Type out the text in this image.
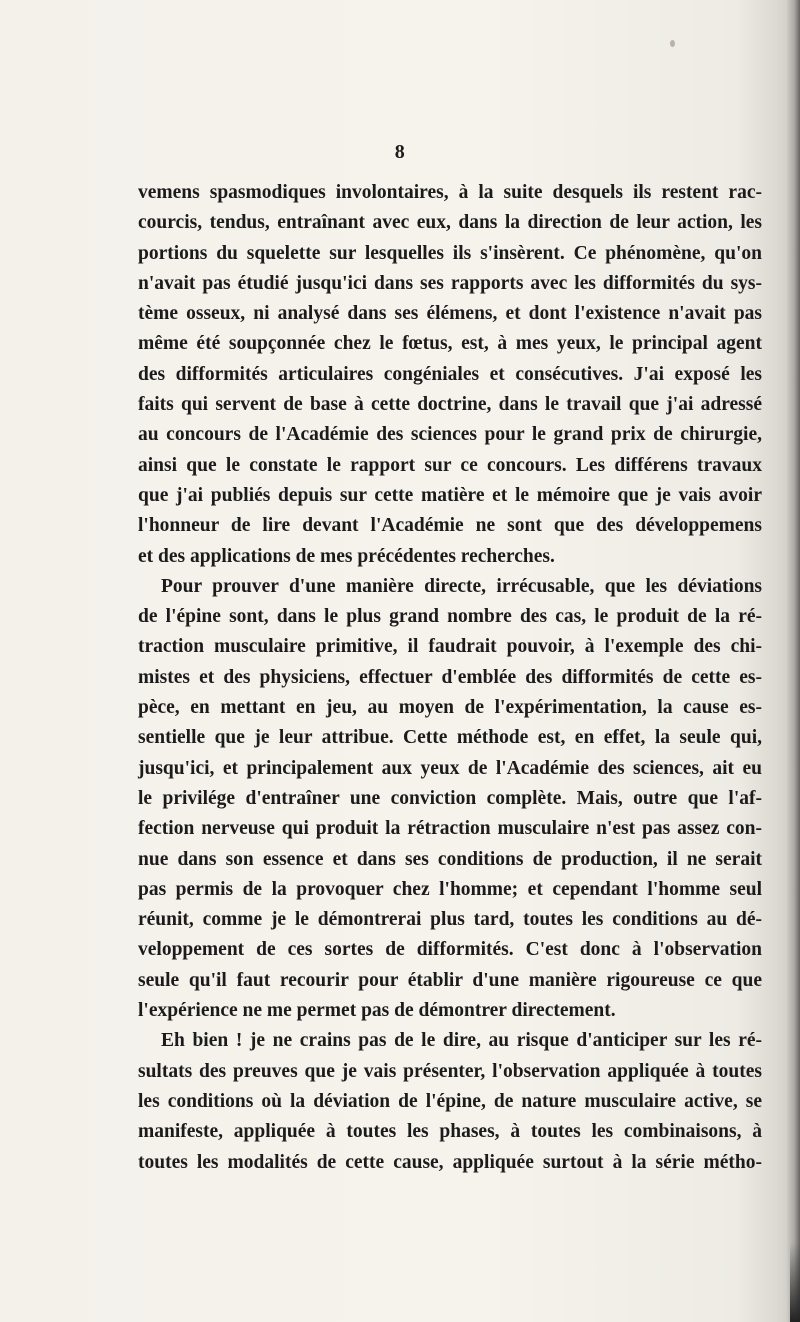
8
vemens spasmodiques involontaires, à la suite desquels ils restent rac-
courcis, tendus, entraînant avec eux, dans la direction de leur action, les
portions du squelette sur lesquelles ils s'insèrent. Ce phénomène, qu'on
n'avait pas étudié jusqu'ici dans ses rapports avec les difformités du sys-
tème osseux, ni analysé dans ses élémens, et dont l'existence n'avait pas
même été soupçonnée chez le fœtus, est, à mes yeux, le principal agent
des difformités articulaires congéniales et consécutives. J'ai exposé les
faits qui servent de base à cette doctrine, dans le travail que j'ai adressé
au concours de l'Académie des sciences pour le grand prix de chirurgie,
ainsi que le constate le rapport sur ce concours. Les différens travaux
que j'ai publiés depuis sur cette matière et le mémoire que je vais avoir
l'honneur de lire devant l'Académie ne sont que des développemens
et des applications de mes précédentes recherches.
Pour prouver d'une manière directe, irrécusable, que les déviations
de l'épine sont, dans le plus grand nombre des cas, le produit de la ré-
traction musculaire primitive, il faudrait pouvoir, à l'exemple des chi-
mistes et des physiciens, effectuer d'emblée des difformités de cette es-
pèce, en mettant en jeu, au moyen de l'expérimentation, la cause es-
sentielle que je leur attribue. Cette méthode est, en effet, la seule qui,
jusqu'ici, et principalement aux yeux de l'Académie des sciences, ait eu
le privilége d'entraîner une conviction complète. Mais, outre que l'af-
fection nerveuse qui produit la rétraction musculaire n'est pas assez con-
nue dans son essence et dans ses conditions de production, il ne serait
pas permis de la provoquer chez l'homme; et cependant l'homme seul
réunit, comme je le démontrerai plus tard, toutes les conditions au dé-
veloppement de ces sortes de difformités. C'est donc à l'observation
seule qu'il faut recourir pour établir d'une manière rigoureuse ce que
l'expérience ne me permet pas de démontrer directement.
Eh bien ! je ne crains pas de le dire, au risque d'anticiper sur les ré-
sultats des preuves que je vais présenter, l'observation appliquée à toutes
les conditions où la déviation de l'épine, de nature musculaire active, se
manifeste, appliquée à toutes les phases, à toutes les combinaisons, à
toutes les modalités de cette cause, appliquée surtout à la série métho-
